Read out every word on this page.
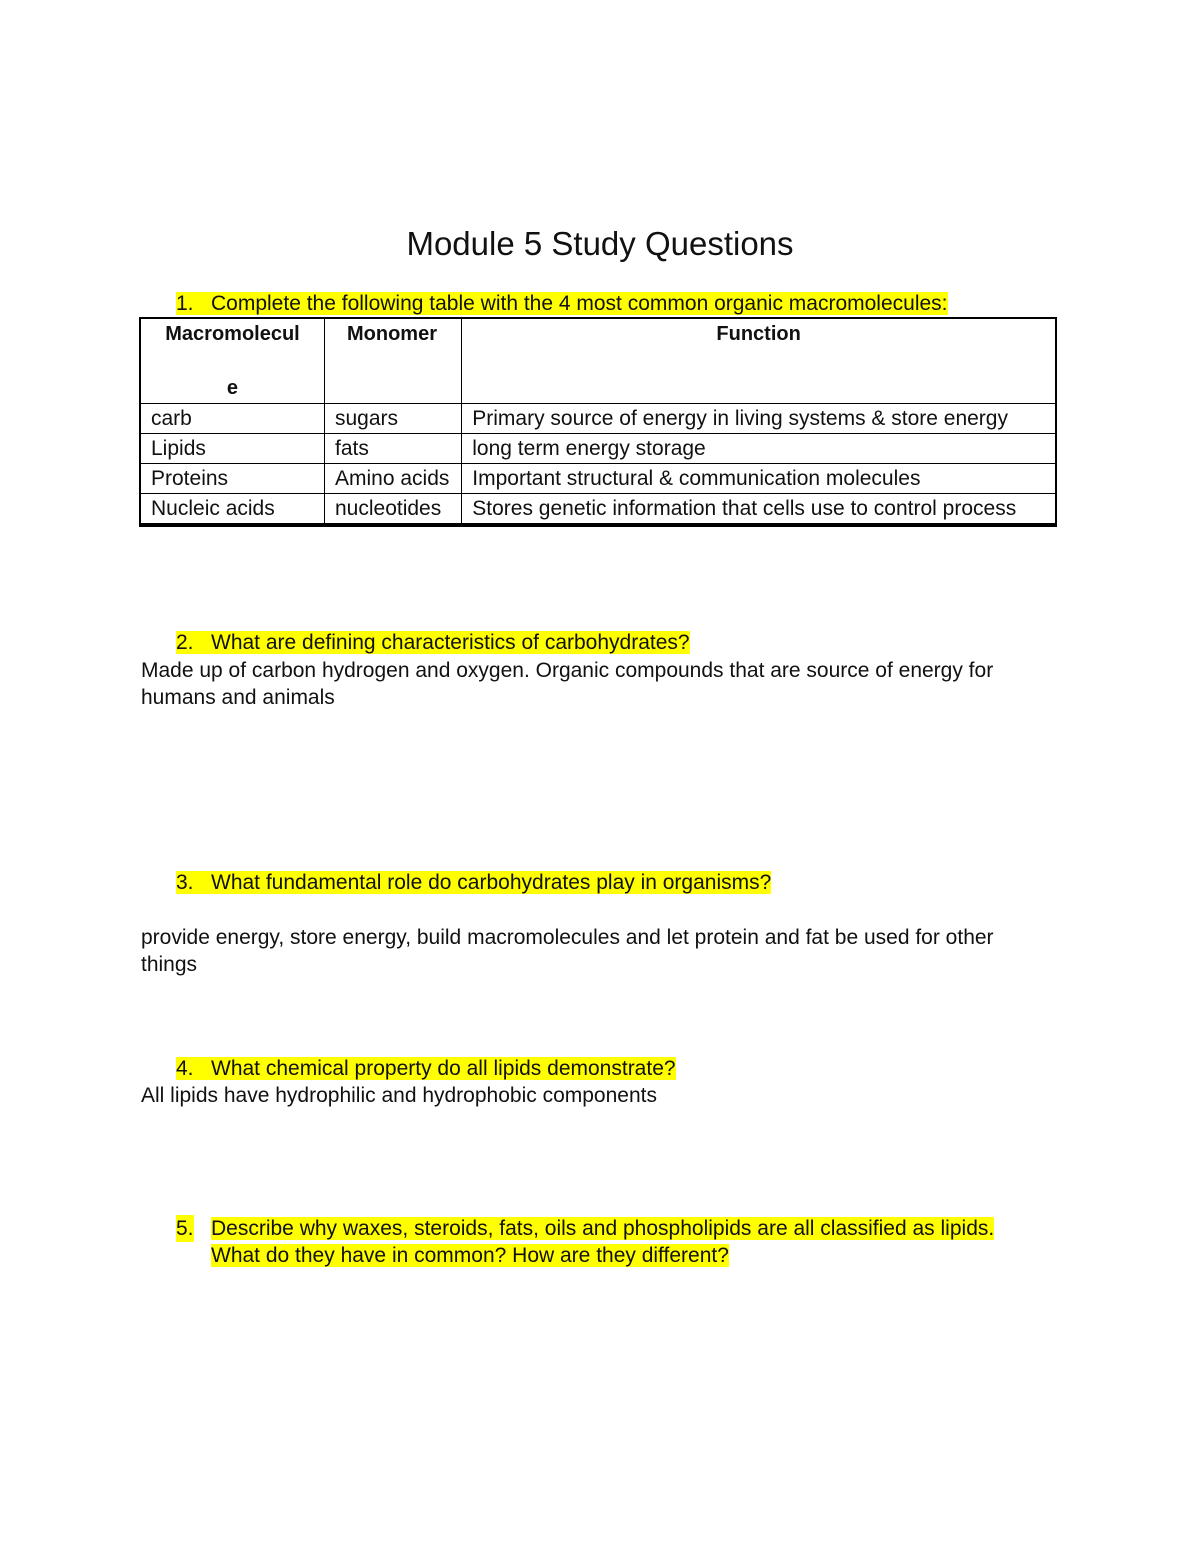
Module 5 Study Questions
1. Complete the following table with the 4 most common organic macromolecules:
Macromolecul

e	Monomer	Function
carb	sugars	Primary source of energy in living systems & store energy
Lipids	fats	long term energy storage
Proteins	Amino acids	Important structural & communication molecules
Nucleic acids	nucleotides	Stores genetic information that cells use to control process
2. What are defining characteristics of carbohydrates?
Made up of carbon hydrogen and oxygen. Organic compounds that are source of energy for humans and animals
3. What fundamental role do carbohydrates play in organisms?
provide energy, store energy, build macromolecules and let protein and fat be used for other things
4. What chemical property do all lipids demonstrate?
All lipids have hydrophilic and hydrophobic components
5. Describe why waxes, steroids, fats, oils and phospholipids are all classified as lipids. What do they have in common? How are they different?
